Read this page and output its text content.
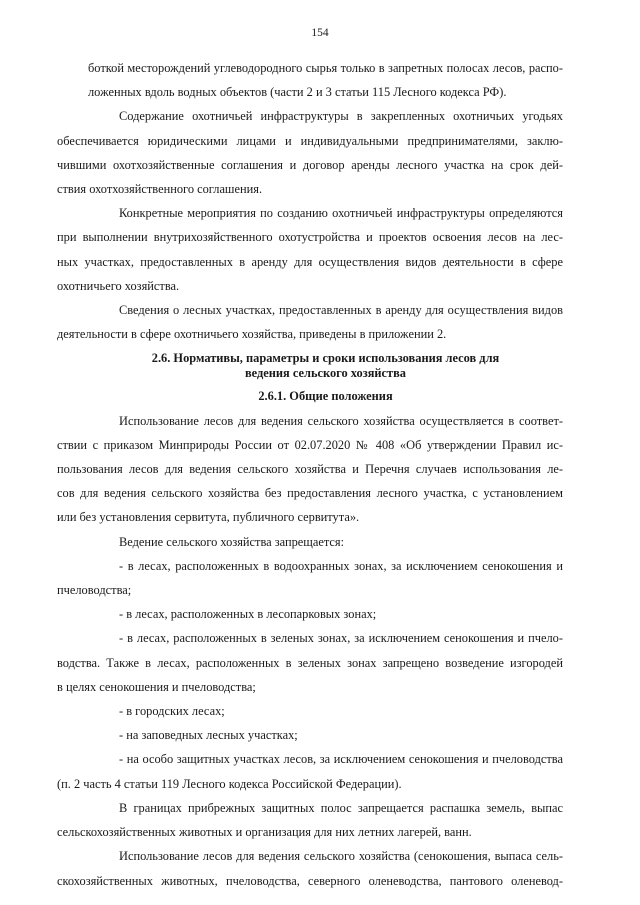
154

боткой месторождений углеводородного сырья только в запретных полосах лесов, распо-
ложенных вдоль водных объектов (части 2 и 3 статьи 115 Лесного кодекса РФ).

Содержание охотничьей инфраструктуры в закрепленных охотничьих угодьях
обеспечивается юридическими лицами и индивидуальными предпринимателями, заклю-
чившими охотхозяйственные соглашения и договор аренды лесного участка на срок дей-
ствия охотхозяйственного соглашения.

Конкретные мероприятия по созданию охотничьей инфраструктуры определяются
при выполнении внутрихозяйственного охотустройства и проектов освоения лесов на лес-
ных участках, предоставленных в аренду для осуществления видов деятельности в сфере
охотничьего хозяйства.

Сведения о лесных участках, предоставленных в аренду для осуществления видов
деятельности в сфере охотничьего хозяйства, приведены в приложении 2.

2.6. Нормативы, параметры и сроки использования лесов для
ведения сельского хозяйства
2.6.1. Общие положения

Использование лесов для ведения сельского хозяйства осуществляется в соответ-
ствии с приказом Минприроды России от 02.07.2020 № 408 «Об утверждении Правил ис-
пользования лесов для ведения сельского хозяйства и Перечня случаев использования ле-
сов для ведения сельского хозяйства без предоставления лесного участка, с установлением
или без установления сервитута, публичного сервитута».

Ведение сельского хозяйства запрещается:

- в лесах, расположенных в водоохранных зонах, за исключением сенокошения и
пчеловодства;

- в лесах, расположенных в лесопарковых зонах;

- в лесах, расположенных в зеленых зонах, за исключением сенокошения и пчело-
водства. Также в лесах, расположенных в зеленых зонах запрещено возведение изгородей
в целях сенокошения и пчеловодства;

- в городских лесах;

- на заповедных лесных участках;

- на особо защитных участках лесов, за исключением сенокошения и пчеловодства
(п. 2 часть 4 статьи 119 Лесного кодекса Российской Федерации).

В границах прибрежных защитных полос запрещается распашка земель, выпас
сельскохозяйственных животных и организация для них летних лагерей, ванн.

Использование лесов для ведения сельского хозяйства (сенокошения, выпаса сель-
скохозяйственных животных, пчеловодства, северного оленеводства, пантового оленевод-
